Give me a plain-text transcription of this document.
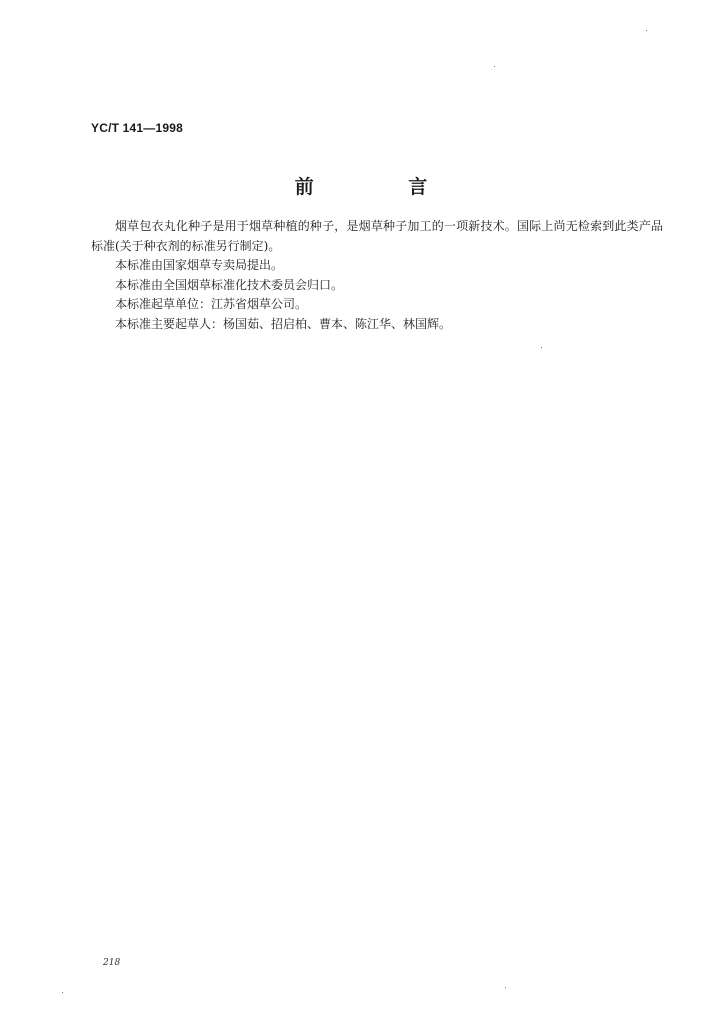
YC/T 141—1998
前 言

烟草包衣丸化种子是用于烟草种植的种子，是烟草种子加工的一项新技术。国际上尚无检索到此类产品标准(关于种衣剂的标准另行制定)。

本标准由国家烟草专卖局提出。

本标准由全国烟草标准化技术委员会归口。

本标准起草单位：江苏省烟草公司。

本标准主要起草人：杨国茹、招启柏、曹本、陈江华、林国辉。

218
